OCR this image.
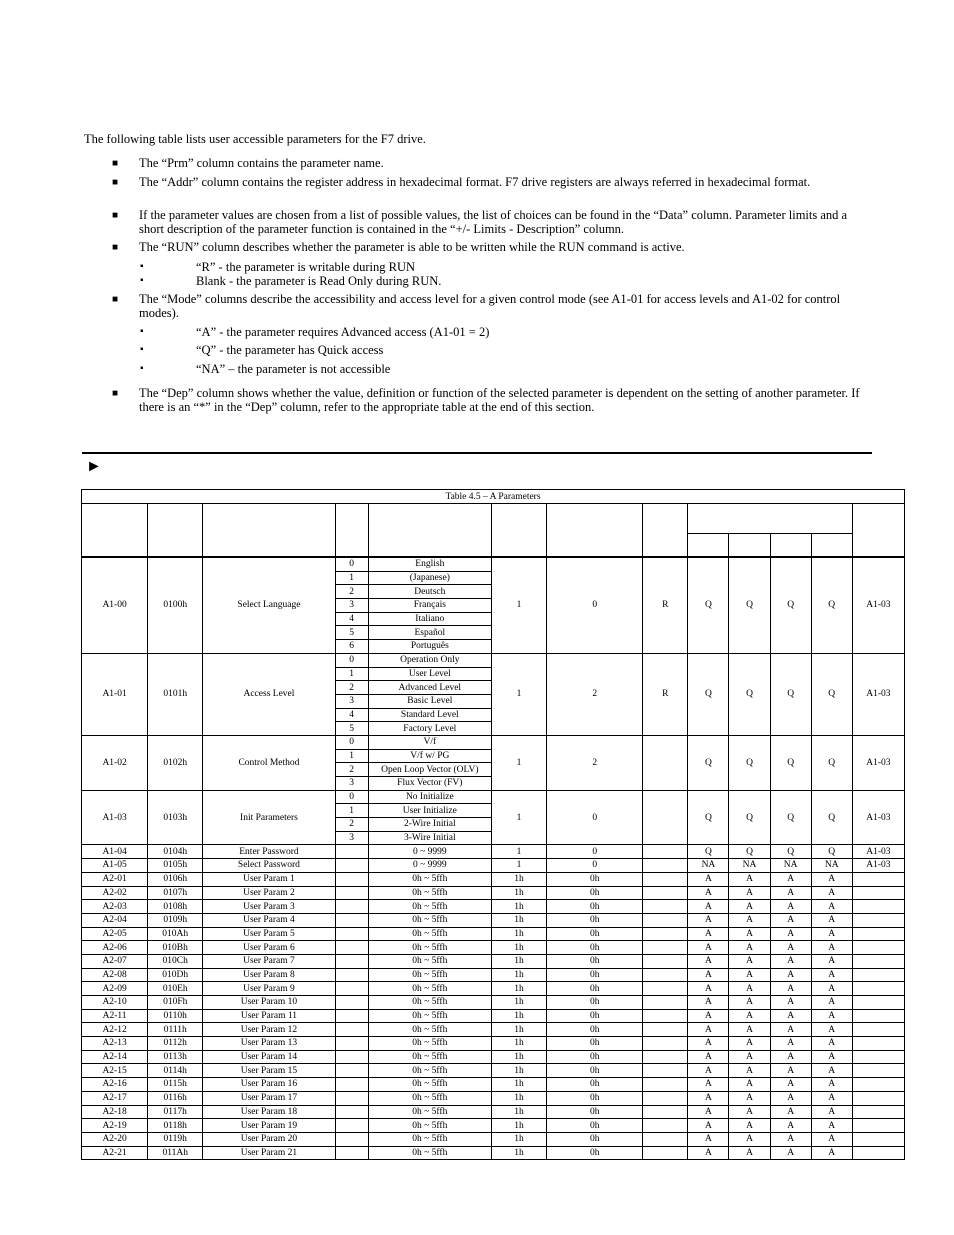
The following table lists user accessible parameters for the F7 drive.

■ The “Prm” column contains the parameter name.
■ The “Addr” column contains the register address in hexadecimal format. F7 drive registers are always referred in hexadecimal format.
■ If the parameter values are chosen from a list of possible values, the list of choices can be found in the “Data” column. Parameter limits and a short description of the parameter function is contained in the “+/- Limits - Description” column.
■ The “RUN” column describes whether the parameter is able to be written while the RUN command is active.
▪	“R” - the parameter is writable during RUN
▪	Blank - the parameter is Read Only during RUN.
■ The “Mode” columns describe the accessibility and access level for a given control mode (see A1-01 for access levels and A1-02 for control modes).
▪	“A” - the parameter requires Advanced access (A1-01 = 2)
▪	“Q” - the parameter has Quick access
▪	“NA” – the parameter is not accessible
■ The “Dep” column shows whether the value, definition or function of the selected parameter is dependent on the setting of another parameter. If there is an “*” in the “Dep” column, refer to the appropriate table at the end of this section.
►
Table 4.5 – A Parameters												

A1-00	0100h	Select Language	0	English	1	0	R	Q	Q	Q	Q	A1-03
			1	(Japanese)								
			2	Deutsch								
			3	Français								
			4	Italiano								
			5	Español								
			6	Português								
A1-01	0101h	Access Level	0	Operation Only	1	2	R	Q	Q	Q	Q	A1-03
			1	User Level								
			2	Advanced Level								
			3	Basic Level								
			4	Standard Level								
			5	Factory Level								
A1-02	0102h	Control Method	0	V/f	1	2		Q	Q	Q	Q	A1-03
			1	V/f w/ PG								
			2	Open Loop Vector (OLV)								
			3	Flux Vector (FV)								
A1-03	0103h	Init Parameters	0	No Initialize	1	0		Q	Q	Q	Q	A1-03
			1	User Initialize								
			2	2-Wire Initial								
			3	3-Wire Initial								
A1-04	0104h	Enter Password		0 ~ 9999	1	0		Q	Q	Q	Q	A1-03
A1-05	0105h	Select Password		0 ~ 9999	1	0		NA	NA	NA	NA	A1-03
A2-01	0106h	User Param 1		0h ~ 5ffh	1h	0h		A	A	A	A	
A2-02	0107h	User Param 2		0h ~ 5ffh	1h	0h		A	A	A	A	
A2-03	0108h	User Param 3		0h ~ 5ffh	1h	0h		A	A	A	A	
A2-04	0109h	User Param 4		0h ~ 5ffh	1h	0h		A	A	A	A	
A2-05	010Ah	User Param 5		0h ~ 5ffh	1h	0h		A	A	A	A	
A2-06	010Bh	User Param 6		0h ~ 5ffh	1h	0h		A	A	A	A	
A2-07	010Ch	User Param 7		0h ~ 5ffh	1h	0h		A	A	A	A	
A2-08	010Dh	User Param 8		0h ~ 5ffh	1h	0h		A	A	A	A	
A2-09	010Eh	User Param 9		0h ~ 5ffh	1h	0h		A	A	A	A	
A2-10	010Fh	User Param 10		0h ~ 5ffh	1h	0h		A	A	A	A	
A2-11	0110h	User Param 11		0h ~ 5ffh	1h	0h		A	A	A	A	
A2-12	0111h	User Param 12		0h ~ 5ffh	1h	0h		A	A	A	A	
A2-13	0112h	User Param 13		0h ~ 5ffh	1h	0h		A	A	A	A	
A2-14	0113h	User Param 14		0h ~ 5ffh	1h	0h		A	A	A	A	
A2-15	0114h	User Param 15		0h ~ 5ffh	1h	0h		A	A	A	A	
A2-16	0115h	User Param 16		0h ~ 5ffh	1h	0h		A	A	A	A	
A2-17	0116h	User Param 17		0h ~ 5ffh	1h	0h		A	A	A	A	
A2-18	0117h	User Param 18		0h ~ 5ffh	1h	0h		A	A	A	A	
A2-19	0118h	User Param 19		0h ~ 5ffh	1h	0h		A	A	A	A	
A2-20	0119h	User Param 20		0h ~ 5ffh	1h	0h		A	A	A	A	
A2-21	011Ah	User Param 21		0h ~ 5ffh	1h	0h		A	A	A	A	
